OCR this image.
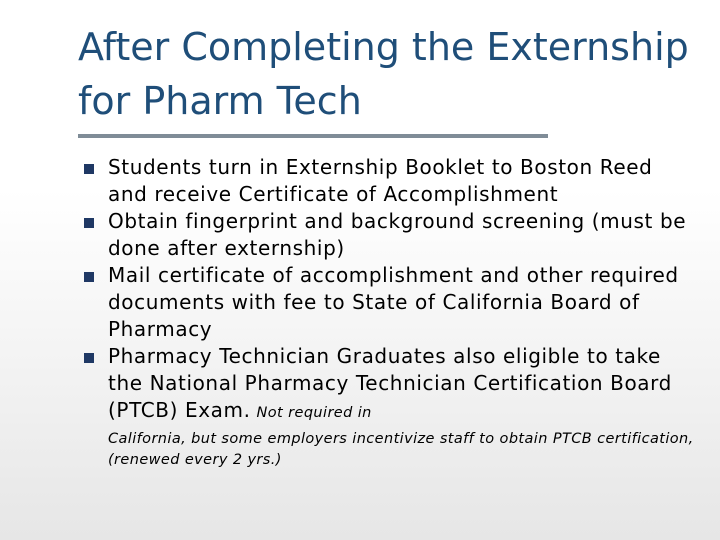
After Completing the Externship for Pharm Tech
Students turn in Externship Booklet to Boston Reed and receive Certificate of Accomplishment
Obtain fingerprint and background screening (must be done after externship)
Mail certificate of accomplishment and other required documents with fee to State of California Board of Pharmacy
Pharmacy Technician Graduates also eligible to take the National Pharmacy Technician Certification Board (PTCB) Exam. Not required in
California, but some employers incentivize staff to obtain PTCB certification, (renewed every 2 yrs.)
